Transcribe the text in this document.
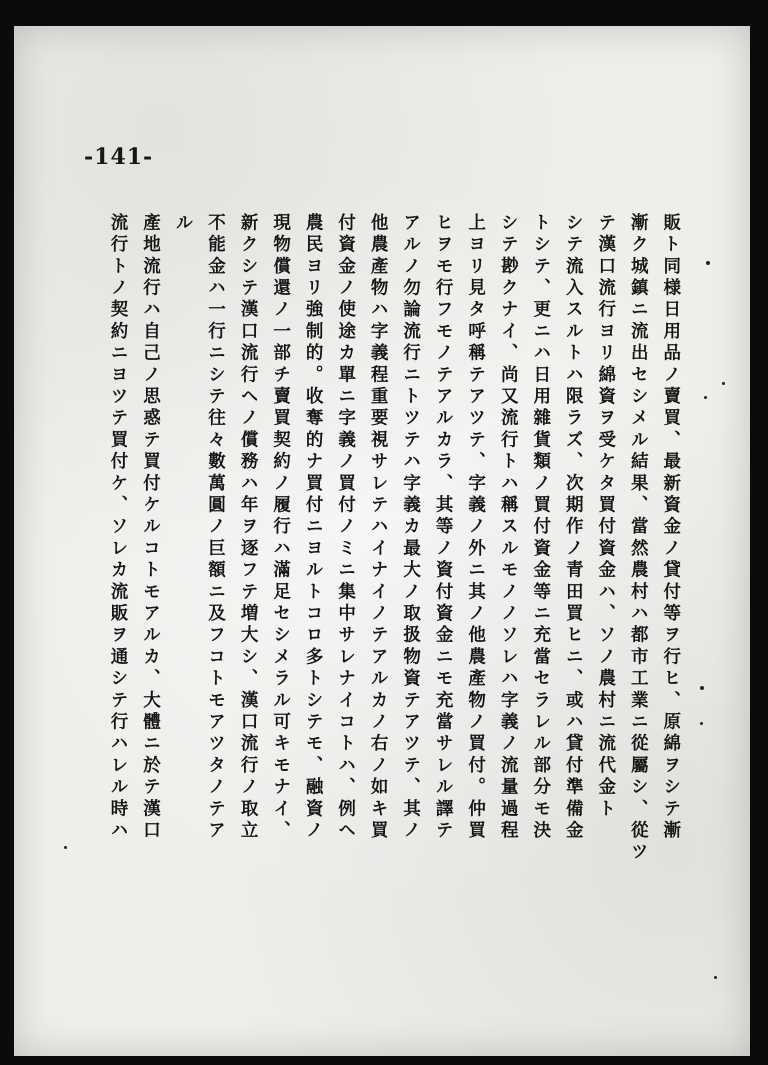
-141-
販ト同様日用品ノ賣買、最新資金ノ貸付等ヲ行ヒ、原綿ヲシテ漸
漸ク城鎮ニ流出セシメル結果、當然農村ハ都市工業ニ從屬シ、從ツ
テ漢口流行ヨリ綿資ヲ受ケタ買付資金ハ、ソノ農村ニ流代金ト
シテ流入スルトハ限ラズ、次期作ノ青田買ヒニ、或ハ貸付準備金
トシテ、更ニハ日用雜貨類ノ買付資金等ニ充當セラレル部分モ決
シテ尠クナイ、尚又流行トハ稱スルモノノソレハ字義ノ流量過程
上ヨリ見タ呼稱テアツテ、字義ノ外ニ其ノ他農產物ノ買付。仲買
ヒヲモ行フモノテアルカラ、其等ノ資付資金ニモ充當サレル譯テ
アルノ勿論流行ニトツテハ字義カ最大ノ取扱物資テアツテ、其ノ
他農產物ハ字義程重要視サレテハイナイノテアルカノ右ノ如キ買
付資金ノ使途カ單ニ字義ノ買付ノミニ集中サレナイコトハ、例ヘ
農民ヨリ強制的。收奪的ナ買付ニヨルトコロ多トシテモ、融資ノ
現物償還ノ一部チ賣買契約ノ履行ハ滿足セシメラル可キモナイ、
新クシテ漢口流行ヘノ償務ハ年ヲ逐フテ増大シ、漢口流行ノ取立
不能金ハ一行ニシテ往々數萬圓ノ巨額ニ及フコトモアツタノテア
ル
產地流行ハ自己ノ思惑テ買付ケルコトモアルカ、大體ニ於テ漢口
流行トノ契約ニヨツテ買付ケ、ソレカ流販ヲ通シテ行ハレル時ハ
